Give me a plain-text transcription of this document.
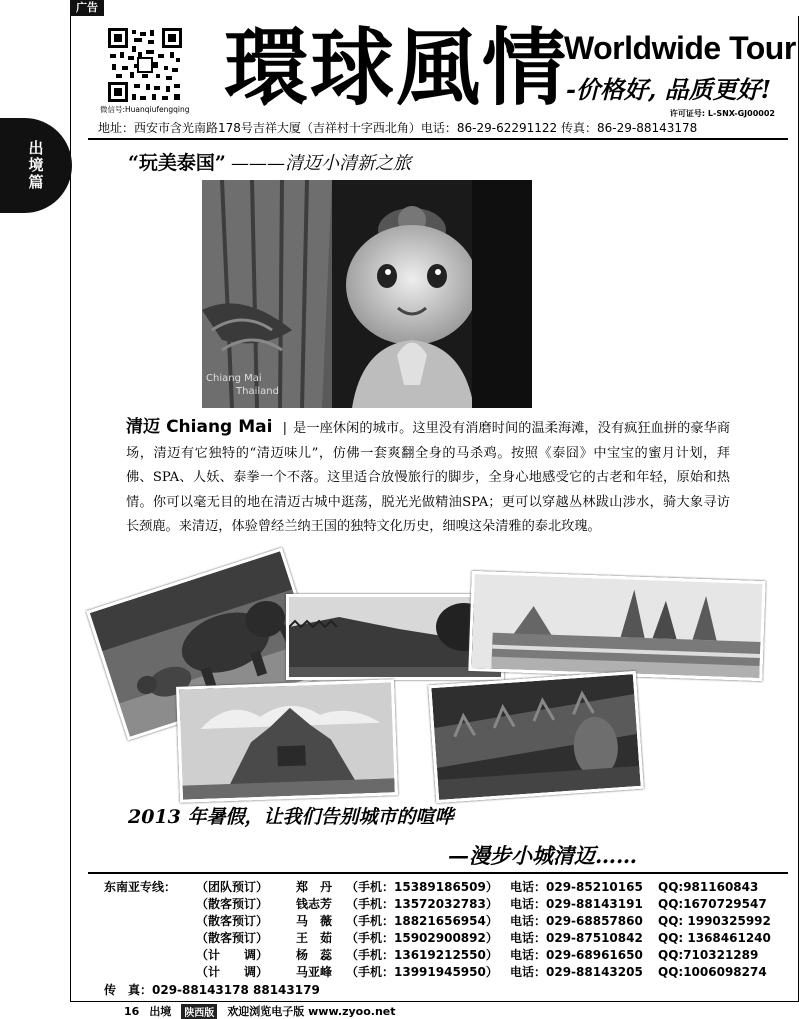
广告
出境篇
微信号:Huanqiufengqing 環球風情
Worldwide Tour
-价格好, 品质更好!
许可证号: L-SNX-GJ00002
地址：西安市含光南路178号吉祥大厦（吉祥村十字西北角）电话：86-29-62291122 传真：86-29-88143178
“玩美泰国” ———清迈小清新之旅
Chiang Mai
Thailand
清迈 Chiang Mai | 是一座休闲的城市。这里没有消磨时间的温柔海滩，没有疯狂血拼的豪华商场，清迈有它独特的“清迈味儿”，仿佛一套爽翻全身的马杀鸡。按照《泰囧》中宝宝的蜜月计划，拜佛、SPA、人妖、泰拳一个不落。这里适合放慢旅行的脚步，全身心地感受它的古老和年轻，原始和热情。你可以毫无目的地在清迈古城中逛荡，脱光光做精油SPA；更可以穿越丛林跋山涉水，骑大象寻访长颈鹿。来清迈，体验曾经兰纳王国的独特文化历史，细嗅这朵清雅的泰北玫瑰。
2013 年暑假，让我们告别城市的喧哗
—漫步小城清迈……
东南亚专线：	（团队预订）	郑　丹	（手机：15389186509）	电话：029-85210165	QQ:981160843
（散客预订）	钱志芳	（手机：13572032783）	电话：029-88143191	QQ:1670729547
（散客预订）	马　薇	（手机：18821656954）	电话：029-68857860	QQ: 1990325992
（散客预订）	王　茹	（手机：15902900892）	电话：029-87510842	QQ: 1368461240
（计　　调）	杨　蕊	（手机：13619212550）	电话：029-68961650	QQ:710321289
（计　　调）	马亚峰	（手机：13991945950）	电话：029-88143205	QQ:1006098274
传　真：029-88143178 88143179
16 出境	陕西版 欢迎浏览电子版 www.zyoo.net
